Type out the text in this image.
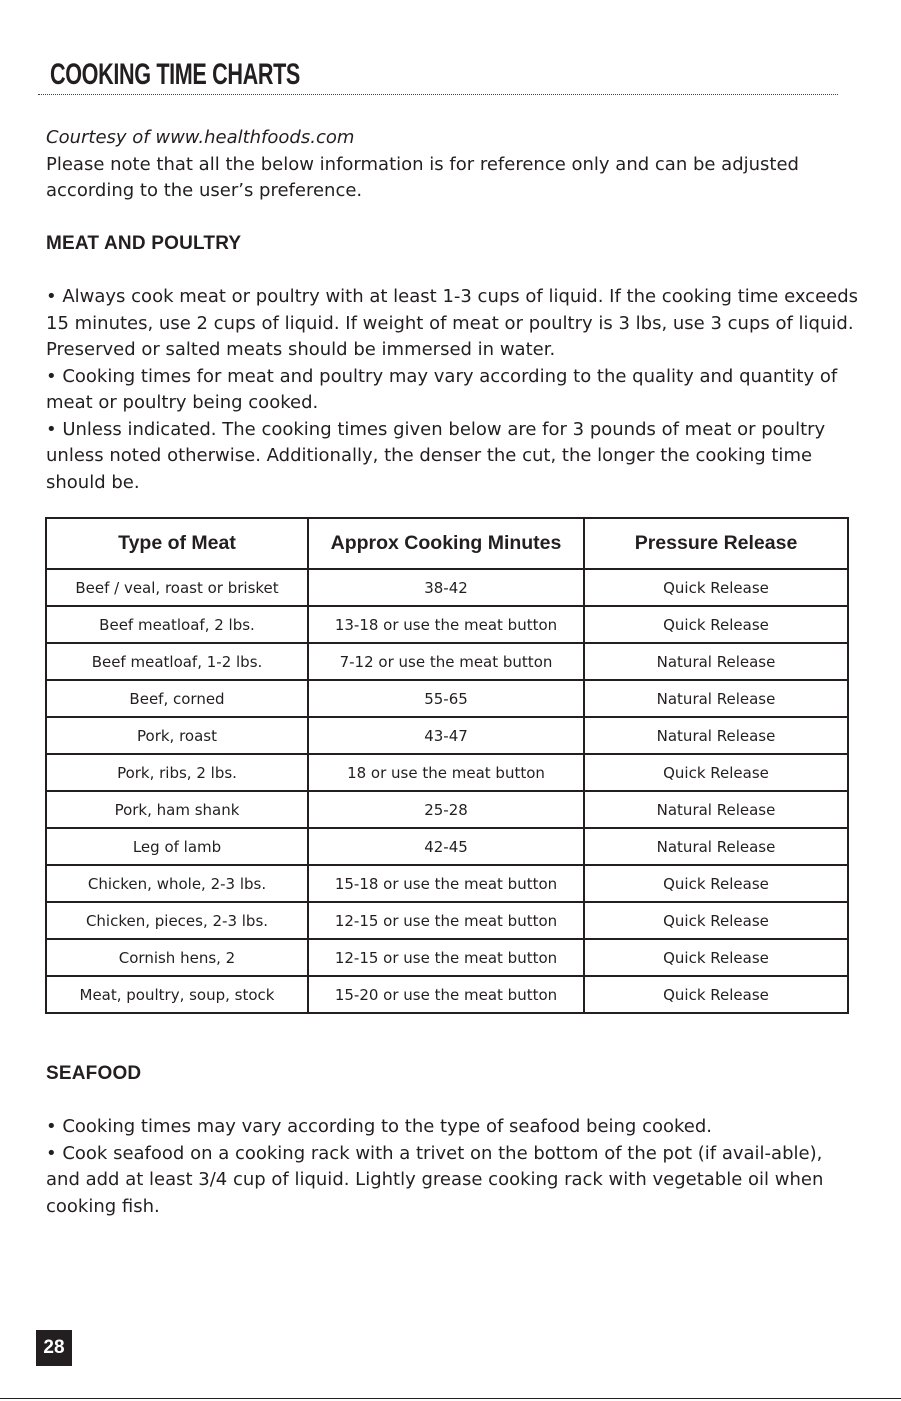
COOKING TIME CHARTS

Courtesy of www.healthfoods.com

Please note that all the below information is for reference only and can be adjusted according to the user’s preference.

MEAT AND POULTRY

• Always cook meat or poultry with at least 1-3 cups of liquid. If the cooking time exceeds 15 minutes, use 2 cups of liquid. If weight of meat or poultry is 3 lbs, use 3 cups of liquid. Preserved or salted meats should be immersed in water.

• Cooking times for meat and poultry may vary according to the quality and quantity of meat or poultry being cooked.

• Unless indicated. The cooking times given below are for 3 pounds of meat or poultry unless noted otherwise. Additionally, the denser the cut, the longer the cooking time should be.

Type of Meat	Approx Cooking Minutes	Pressure Release
Beef / veal, roast or brisket	38-42	Quick Release
Beef meatloaf, 2 lbs.	13-18 or use the meat button	Quick Release
Beef meatloaf, 1-2 lbs.	7-12 or use the meat button	Natural Release
Beef, corned	55-65	Natural Release
Pork, roast	43-47	Natural Release
Pork, ribs, 2 lbs.	18 or use the meat button	Quick Release
Pork, ham shank	25-28	Natural Release
Leg of lamb	42-45	Natural Release
Chicken, whole, 2-3 lbs.	15-18 or use the meat button	Quick Release
Chicken, pieces, 2-3 lbs.	12-15 or use the meat button	Quick Release
Cornish hens, 2	12-15 or use the meat button	Quick Release
Meat, poultry, soup, stock	15-20 or use the meat button	Quick Release
SEAFOOD

• Cooking times may vary according to the type of seafood being cooked.

• Cook seafood on a cooking rack with a trivet on the bottom of the pot (if avail-able), and add at least 3/4 cup of liquid. Lightly grease cooking rack with vegetable oil when cooking fish.

28
